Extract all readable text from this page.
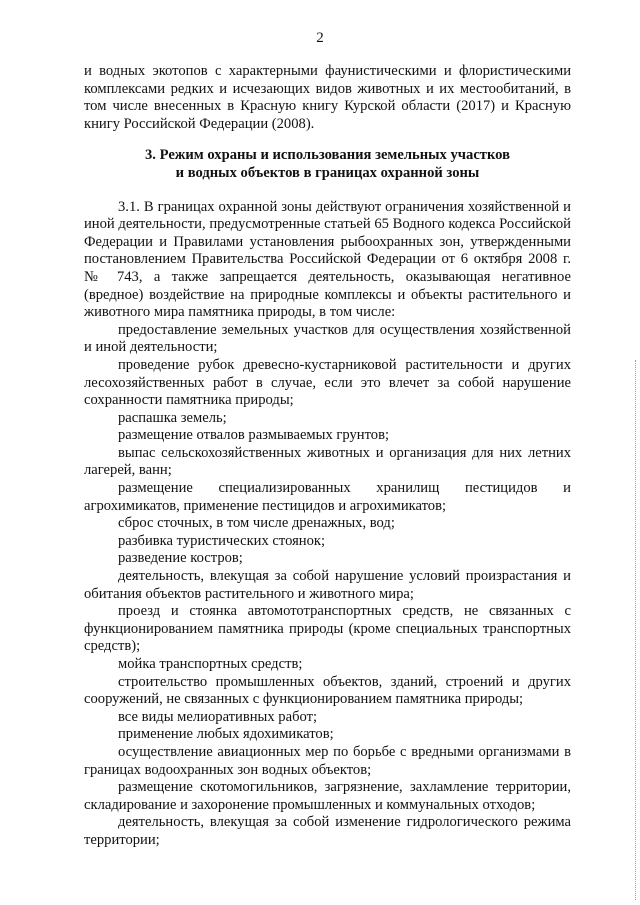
2

и водных экотопов с характерными фаунистическими и флористическими комплексами редких и исчезающих видов животных и их местообитаний, в том числе внесенных в Красную книгу Курской области (2017) и Красную книгу Российской Федерации (2008).

3. Режим охраны и использования земельных участков
и водных объектов в границах охранной зоны

3.1. В границах охранной зоны действуют ограничения хозяйственной и иной деятельности, предусмотренные статьей 65 Водного кодекса Российской Федерации и Правилами установления рыбоохранных зон, утвержденными постановлением Правительства Российской Федерации от 6 октября 2008 г. № 743, а также запрещается деятельность, оказывающая негативное (вредное) воздействие на природные комплексы и объекты растительного и животного мира памятника природы, в том числе:

предоставление земельных участков для осуществления хозяйственной и иной деятельности;

проведение рубок древесно-кустарниковой растительности и других лесохозяйственных работ в случае, если это влечет за собой нарушение сохранности памятника природы;

распашка земель;

размещение отвалов размываемых грунтов;

выпас сельскохозяйственных животных и организация для них летних лагерей, ванн;

размещение специализированных хранилищ пестицидов и агрохимикатов, применение пестицидов и агрохимикатов;

сброс сточных, в том числе дренажных, вод;

разбивка туристических стоянок;

разведение костров;

деятельность, влекущая за собой нарушение условий произрастания и обитания объектов растительного и животного мира;

проезд и стоянка автомототранспортных средств, не связанных с функционированием памятника природы (кроме специальных транспортных средств);

мойка транспортных средств;

строительство промышленных объектов, зданий, строений и других сооружений, не связанных с функционированием памятника природы;

все виды мелиоративных работ;

применение любых ядохимикатов;

осуществление авиационных мер по борьбе с вредными организмами в границах водоохранных зон водных объектов;

размещение скотомогильников, загрязнение, захламление территории, складирование и захоронение промышленных и коммунальных отходов;

деятельность, влекущая за собой изменение гидрологического режима территории;
